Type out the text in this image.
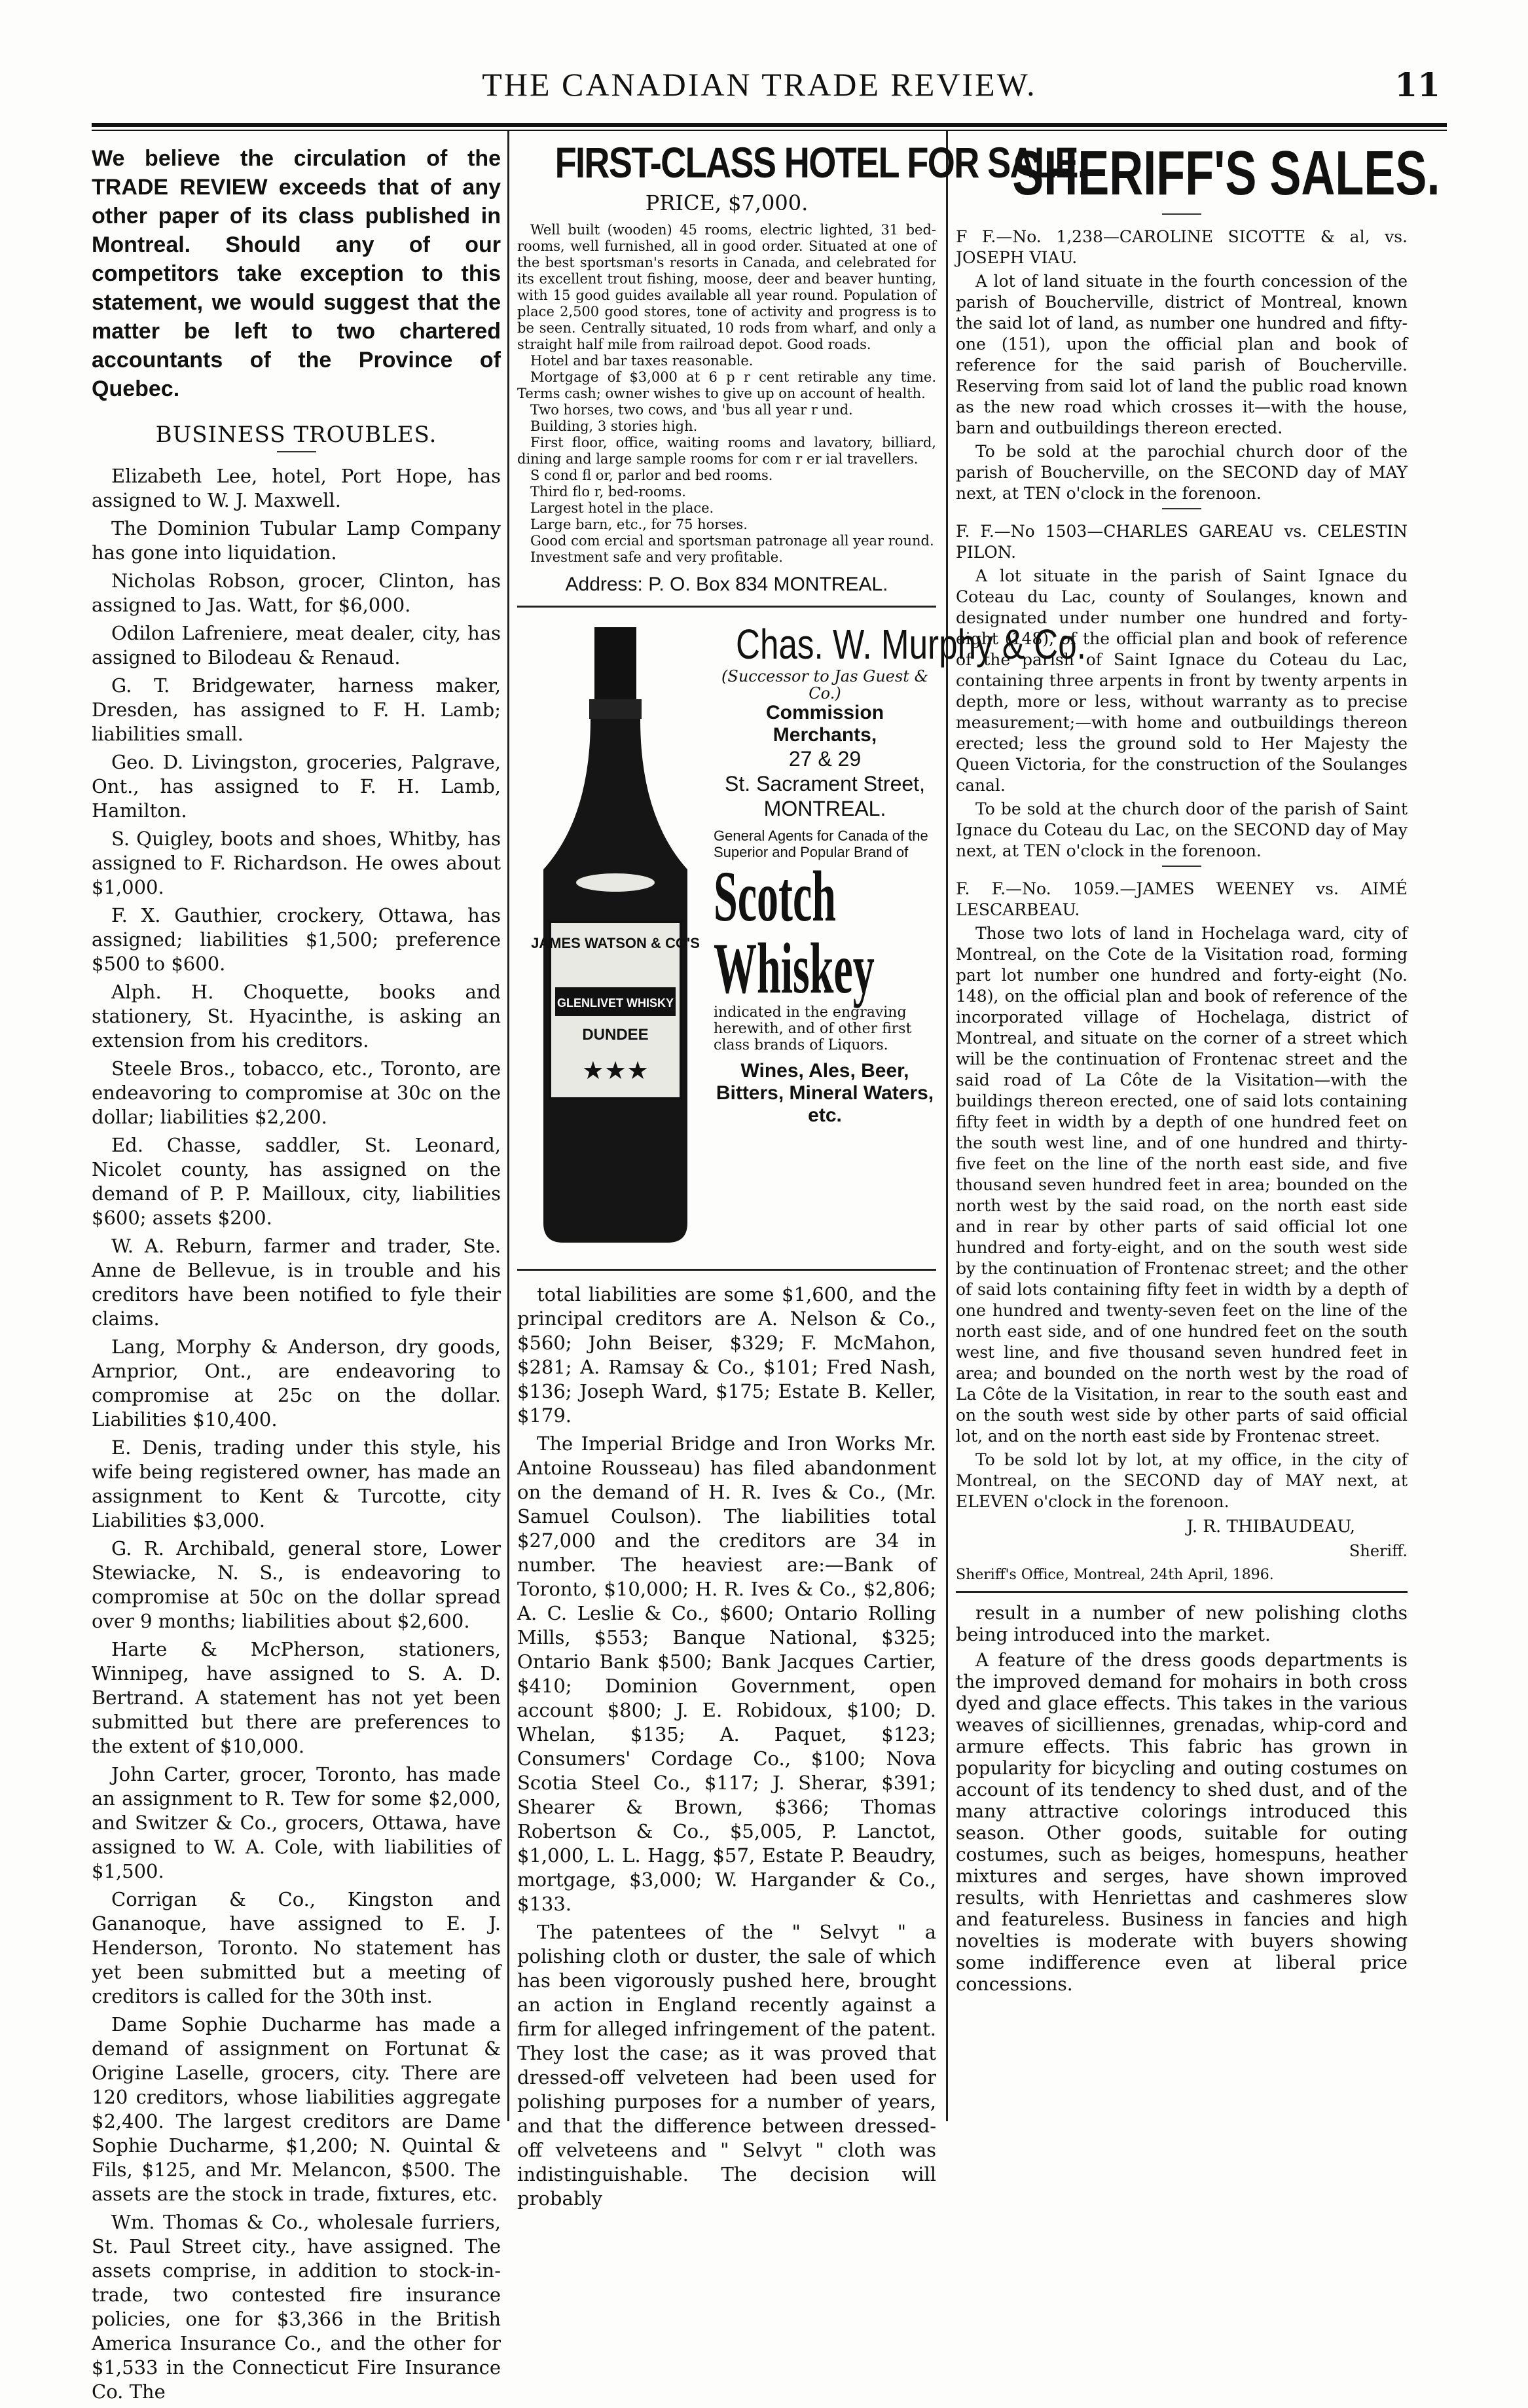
THE CANADIAN TRADE REVIEW.	11

We believe the circulation of the TRADE REVIEW exceeds that of any other paper of its class published in Montreal. Should any of our competitors take exception to this statement, we would suggest that the matter be left to two chartered accountants of the Province of Quebec.

BUSINESS TROUBLES.

Elizabeth Lee, hotel, Port Hope, has assigned to W. J. Maxwell.

The Dominion Tubular Lamp Company has gone into liquidation.

Nicholas Robson, grocer, Clinton, has assigned to Jas. Watt, for $6,000.

Odilon Lafreniere, meat dealer, city, has assigned to Bilodeau & Renaud.

G. T. Bridgewater, harness maker, Dresden, has assigned to F. H. Lamb; liabilities small.

Geo. D. Livingston, groceries, Palgrave, Ont., has assigned to F. H. Lamb, Hamilton.

S. Quigley, boots and shoes, Whitby, has assigned to F. Richardson. He owes about $1,000.

F. X. Gauthier, crockery, Ottawa, has assigned; liabilities $1,500; preference $500 to $600.

Alph. H. Choquette, books and stationery, St. Hyacinthe, is asking an extension from his creditors.

Steele Bros., tobacco, etc., Toronto, are endeavoring to compromise at 30c on the dollar; liabilities $2,200.

Ed. Chasse, saddler, St. Leonard, Nicolet county, has assigned on the demand of P. P. Mailloux, city, liabilities $600; assets $200.

W. A. Reburn, farmer and trader, Ste. Anne de Bellevue, is in trouble and his creditors have been notified to fyle their claims.

Lang, Morphy & Anderson, dry goods, Arnprior, Ont., are endeavoring to compromise at 25c on the dollar. Liabilities $10,400.

E. Denis, trading under this style, his wife being registered owner, has made an assignment to Kent & Turcotte, city Liabilities $3,000.

G. R. Archibald, general store, Lower Stewiacke, N. S., is endeavoring to compromise at 50c on the dollar spread over 9 months; liabilities about $2,600.

Harte & McPherson, stationers, Winnipeg, have assigned to S. A. D. Bertrand. A statement has not yet been submitted but there are preferences to the extent of $10,000.

John Carter, grocer, Toronto, has made an assignment to R. Tew for some $2,000, and Switzer & Co., grocers, Ottawa, have assigned to W. A. Cole, with liabilities of $1,500.

Corrigan & Co., Kingston and Gananoque, have assigned to E. J. Henderson, Toronto. No statement has yet been submitted but a meeting of creditors is called for the 30th inst.

Dame Sophie Ducharme has made a demand of assignment on Fortunat & Origine Laselle, grocers, city. There are 120 creditors, whose liabilities aggregate $2,400. The largest creditors are Dame Sophie Ducharme, $1,200; N. Quintal & Fils, $125, and Mr. Melancon, $500. The assets are the stock in trade, fixtures, etc.

Wm. Thomas & Co., wholesale furriers, St. Paul Street city., have assigned. The assets comprise, in addition to stock-in-trade, two contested fire insurance policies, one for $3,366 in the British America Insurance Co., and the other for $1,533 in the Connecticut Fire Insurance Co. The

FIRST-CLASS HOTEL FOR SALE.
PRICE, $7,000.

Well built (wooden) 45 rooms, electric lighted, 31 bed-rooms, well furnished, all in good order. Situated at one of the best sportsman's resorts in Canada, and celebrated for its excellent trout fishing, moose, deer and beaver hunting, with 15 good guides available all year round. Population of place 2,500 good stores, tone of activity and progress is to be seen. Centrally situated, 10 rods from wharf, and only a straight half mile from railroad depot. Good roads.

Hotel and bar taxes reasonable.

Mortgage of $3,000 at 6 p r cent retirable any time. Terms cash; owner wishes to give up on account of health.

Two horses, two cows, and 'bus all year r und.

Building, 3 stories high.

First floor, office, waiting rooms and lavatory, billiard, dining and large sample rooms for com r er ial travellers.

S cond fl or, parlor and bed rooms.

Third flo r, bed-rooms.

Largest hotel in the place.

Large barn, etc., for 75 horses.

Good com ercial and sportsman patronage all year round.

Investment safe and very profitable.

Address: P. O. Box 834 MONTREAL.
JAMES WATSON & CO'S
GLENLIVET WHISKY
DUNDEE
★★★
Chas. W. Murphy & Co.
(Successor to Jas Guest & Co.)
Commission Merchants,
27 & 29
St. Sacrament Street,
MONTREAL.
General Agents for Canada of the Superior and Popular Brand of
Scotch
Whiskey
indicated in the engraving herewith, and of other first class brands of Liquors.
Wines, Ales, Beer, Bitters, Mineral Waters, etc.

total liabilities are some $1,600, and the principal creditors are A. Nelson & Co., $560; John Beiser, $329; F. McMahon, $281; A. Ramsay & Co., $101; Fred Nash, $136; Joseph Ward, $175; Estate B. Keller, $179.

The Imperial Bridge and Iron Works Mr. Antoine Rousseau) has filed abandonment on the demand of H. R. Ives & Co., (Mr. Samuel Coulson). The liabilities total $27,000 and the creditors are 34 in number. The heaviest are:—Bank of Toronto, $10,000; H. R. Ives & Co., $2,806; A. C. Leslie & Co., $600; Ontario Rolling Mills, $553; Banque National, $325; Ontario Bank $500; Bank Jacques Cartier, $410; Dominion Government, open account $800; J. E. Robidoux, $100; D. Whelan, $135; A. Paquet, $123; Consumers' Cordage Co., $100; Nova Scotia Steel Co., $117; J. Sherar, $391; Shearer & Brown, $366; Thomas Robertson & Co., $5,005, P. Lanctot, $1,000, L. L. Hagg, $57, Estate P. Beaudry, mortgage, $3,000; W. Hargander & Co., $133.

The patentees of the " Selvyt " a polishing cloth or duster, the sale of which has been vigorously pushed here, brought an action in England recently against a firm for alleged infringement of the patent. They lost the case; as it was proved that dressed-off velveteen had been used for polishing purposes for a number of years, and that the difference between dressed-off velveteens and " Selvyt " cloth was indistinguishable. The decision will probably

SHERIFF'S SALES.

F F.—No. 1,238—CAROLINE SICOTTE & al, vs. JOSEPH VIAU.

A lot of land situate in the fourth concession of the parish of Boucherville, district of Montreal, known the said lot of land, as number one hundred and fifty-one (151), upon the official plan and book of reference for the said parish of Boucherville. Reserving from said lot of land the public road known as the new road which crosses it—with the house, barn and outbuildings thereon erected.

To be sold at the parochial church door of the parish of Boucherville, on the SECOND day of MAY next, at TEN o'clock in the forenoon.

F. F.—No 1503—CHARLES GAREAU vs. CELESTIN PILON.

A lot situate in the parish of Saint Ignace du Coteau du Lac, county of Soulanges, known and designated under number one hundred and forty-eight (148), of the official plan and book of reference of the parish of Saint Ignace du Coteau du Lac, containing three arpents in front by twenty arpents in depth, more or less, without warranty as to precise measurement;—with home and outbuildings thereon erected; less the ground sold to Her Majesty the Queen Victoria, for the construction of the Soulanges canal.

To be sold at the church door of the parish of Saint Ignace du Coteau du Lac, on the SECOND day of May next, at TEN o'clock in the forenoon.

F. F.—No. 1059.—JAMES WEENEY vs. AIMÉ LESCARBEAU.

Those two lots of land in Hochelaga ward, city of Montreal, on the Cote de la Visitation road, forming part lot number one hundred and forty-eight (No. 148), on the official plan and book of reference of the incorporated village of Hochelaga, district of Montreal, and situate on the corner of a street which will be the continuation of Frontenac street and the said road of La Côte de la Visitation—with the buildings thereon erected, one of said lots containing fifty feet in width by a depth of one hundred feet on the south west line, and of one hundred and thirty-five feet on the line of the north east side, and five thousand seven hundred feet in area; bounded on the north west by the said road, on the north east side and in rear by other parts of said official lot one hundred and forty-eight, and on the south west side by the continuation of Frontenac street; and the other of said lots containing fifty feet in width by a depth of one hundred and twenty-seven feet on the line of the north east side, and of one hundred feet on the south west line, and five thousand seven hundred feet in area; and bounded on the north west by the road of La Côte de la Visitation, in rear to the south east and on the south west side by other parts of said official lot, and on the north east side by Frontenac street.

To be sold lot by lot, at my office, in the city of Montreal, on the SECOND day of MAY next, at ELEVEN o'clock in the forenoon.

J. R. THIBAUDEAU,
Sheriff.
Sheriff's Office, Montreal, 24th April, 1896.

result in a number of new polishing cloths being introduced into the market.

A feature of the dress goods departments is the improved demand for mohairs in both cross dyed and glace effects. This takes in the various weaves of sicilliennes, grenadas, whip-cord and armure effects. This fabric has grown in popularity for bicycling and outing costumes on account of its tendency to shed dust, and of the many attractive colorings introduced this season. Other goods, suitable for outing costumes, such as beiges, homespuns, heather mixtures and serges, have shown improved results, with Henriettas and cashmeres slow and featureless. Business in fancies and high novelties is moderate with buyers showing some indifference even at liberal price concessions.
